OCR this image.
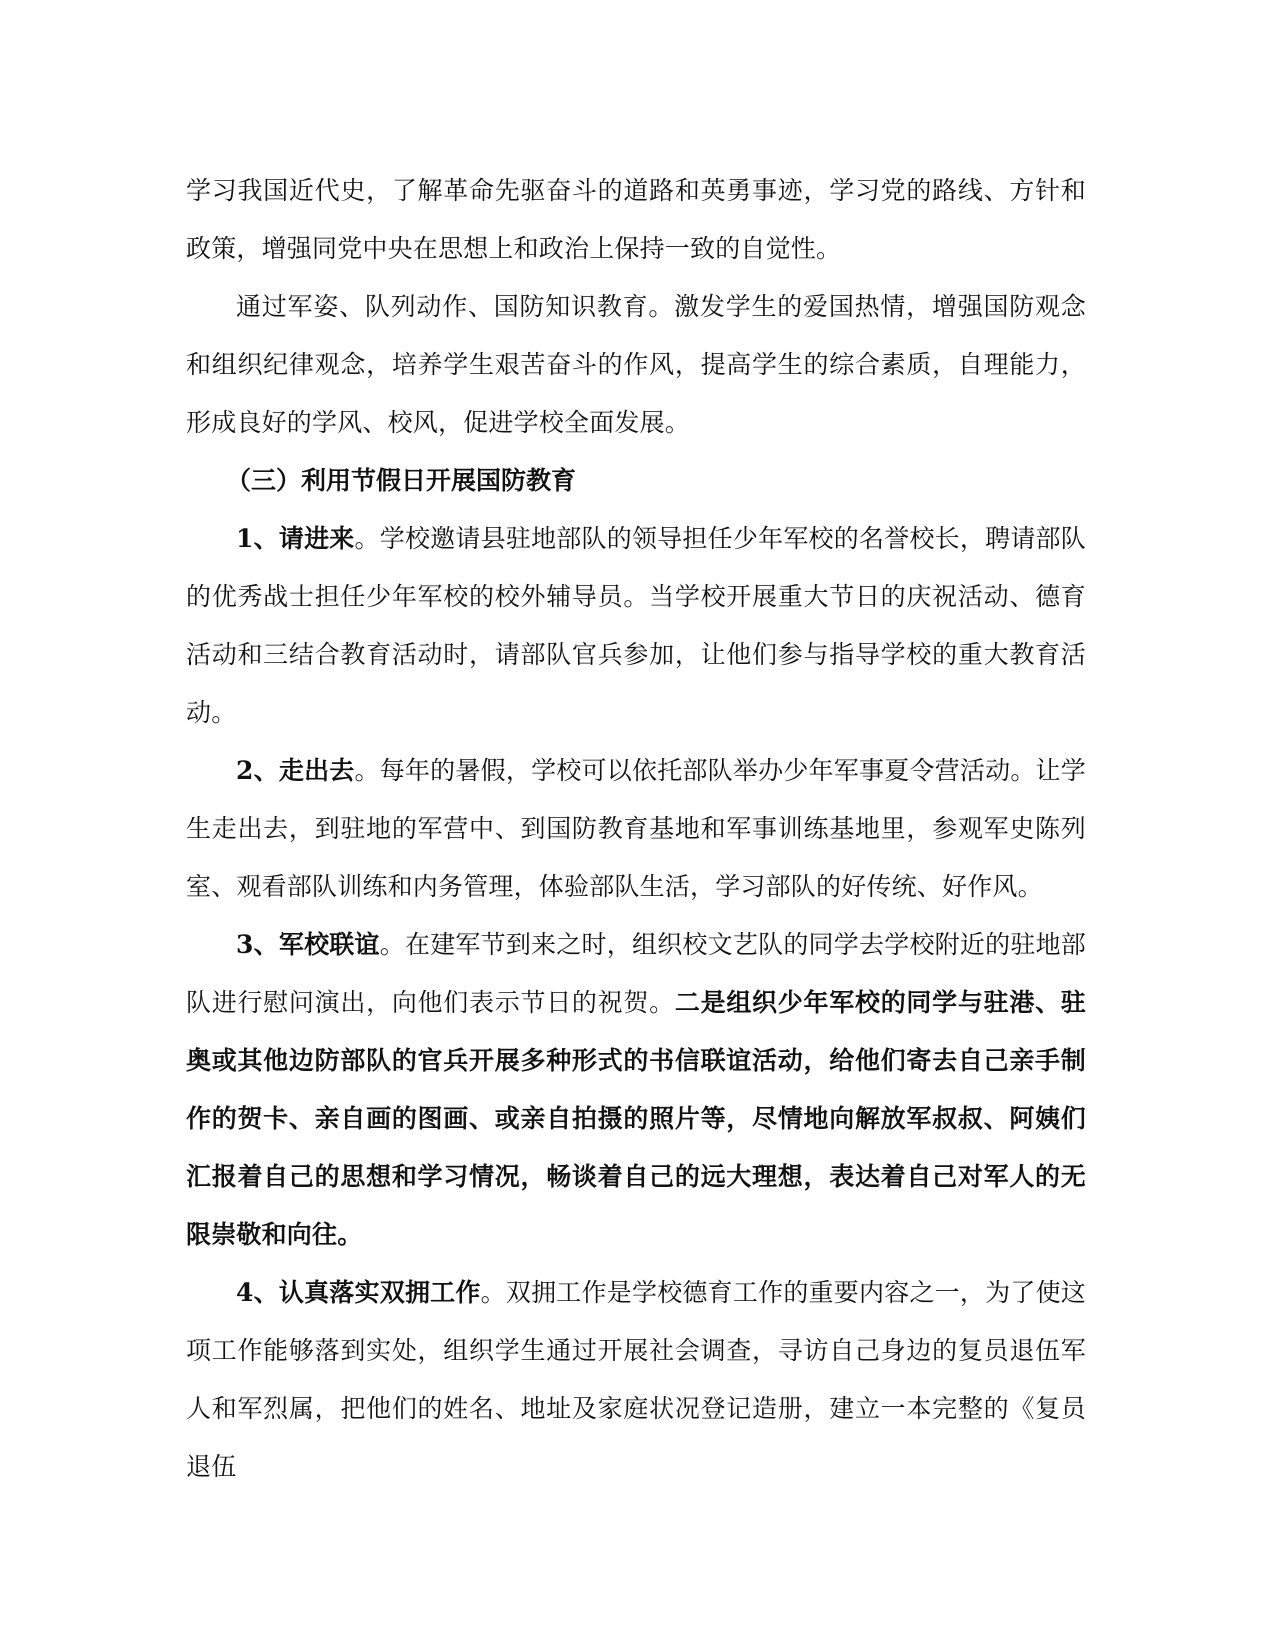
学习我国近代史，了解革命先驱奋斗的道路和英勇事迹，学习党的路线、方针和政策，增强同党中央在思想上和政治上保持一致的自觉性。

通过军姿、队列动作、国防知识教育。激发学生的爱国热情，增强国防观念和组织纪律观念，培养学生艰苦奋斗的作风，提高学生的综合素质，自理能力，形成良好的学风、校风，促进学校全面发展。

（三）利用节假日开展国防教育

1、请进来。学校邀请县驻地部队的领导担任少年军校的名誉校长，聘请部队的优秀战士担任少年军校的校外辅导员。当学校开展重大节日的庆祝活动、德育活动和三结合教育活动时，请部队官兵参加，让他们参与指导学校的重大教育活动。

2、走出去。每年的暑假，学校可以依托部队举办少年军事夏令营活动。让学生走出去，到驻地的军营中、到国防教育基地和军事训练基地里，参观军史陈列室、观看部队训练和内务管理，体验部队生活，学习部队的好传统、好作风。

3、军校联谊。在建军节到来之时，组织校文艺队的同学去学校附近的驻地部队进行慰问演出，向他们表示节日的祝贺。二是组织少年军校的同学与驻港、驻奥或其他边防部队的官兵开展多种形式的书信联谊活动，给他们寄去自己亲手制作的贺卡、亲自画的图画、或亲自拍摄的照片等，尽情地向解放军叔叔、阿姨们汇报着自己的思想和学习情况，畅谈着自己的远大理想，表达着自己对军人的无限崇敬和向往。

4、认真落实双拥工作。双拥工作是学校德育工作的重要内容之一，为了使这项工作能够落到实处，组织学生通过开展社会调查，寻访自己身边的复员退伍军人和军烈属，把他们的姓名、地址及家庭状况登记造册，建立一本完整的《复员退伍
